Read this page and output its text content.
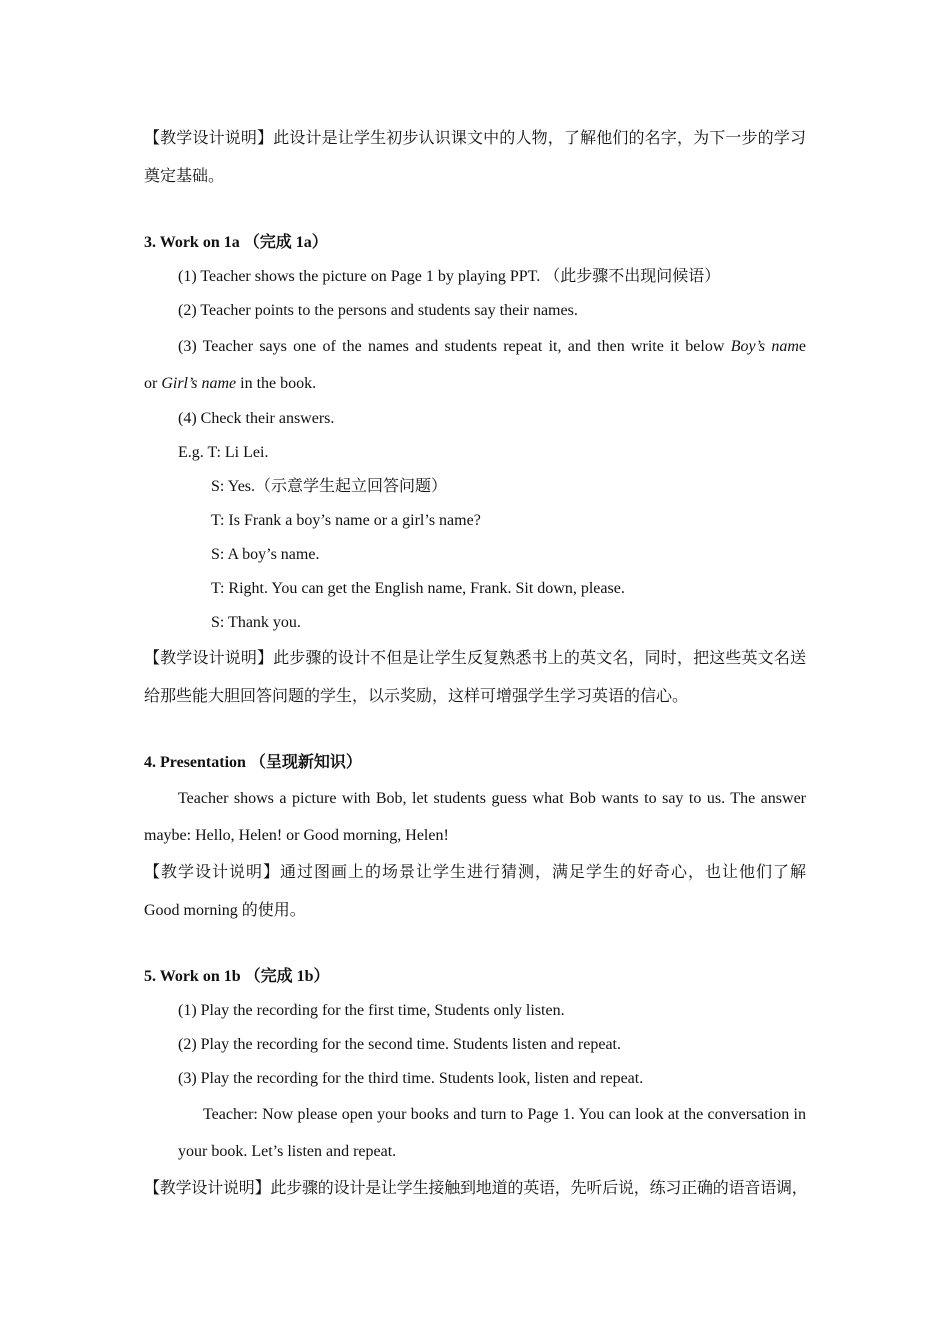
【教学设计说明】此设计是让学生初步认识课文中的人物，了解他们的名字，为下一步的学习奠定基础。

3. Work on 1a （完成 1a）

(1) Teacher shows the picture on Page 1 by playing PPT. （此步骤不出现问候语）

(2) Teacher points to the persons and students say their names.

(3) Teacher says one of the names and students repeat it, and then write it below Boy’s name
or Girl’s name in the book.

(4) Check their answers.

E.g. T: Li Lei.

S: Yes.（示意学生起立回答问题）

T: Is Frank a boy’s name or a girl’s name?

S: A boy’s name.

T: Right. You can get the English name, Frank. Sit down, please.

S: Thank you.

【教学设计说明】此步骤的设计不但是让学生反复熟悉书上的英文名，同时，把这些英文名送给那些能大胆回答问题的学生，以示奖励，这样可增强学生学习英语的信心。

4. Presentation （呈现新知识）

Teacher shows a picture with Bob, let students guess what Bob wants to say to us. The answer maybe: Hello, Helen! or Good morning, Helen!

【教学设计说明】通过图画上的场景让学生进行猜测，满足学生的好奇心，也让他们了解 Good morning 的使用。

5. Work on 1b （完成 1b）

(1) Play the recording for the first time, Students only listen.

(2) Play the recording for the second time. Students listen and repeat.

(3) Play the recording for the third time. Students look, listen and repeat.

Teacher: Now please open your books and turn to Page 1. You can look at the conversation in your book. Let’s listen and repeat.

【教学设计说明】此步骤的设计是让学生接触到地道的英语，先听后说，练习正确的语音语调，
